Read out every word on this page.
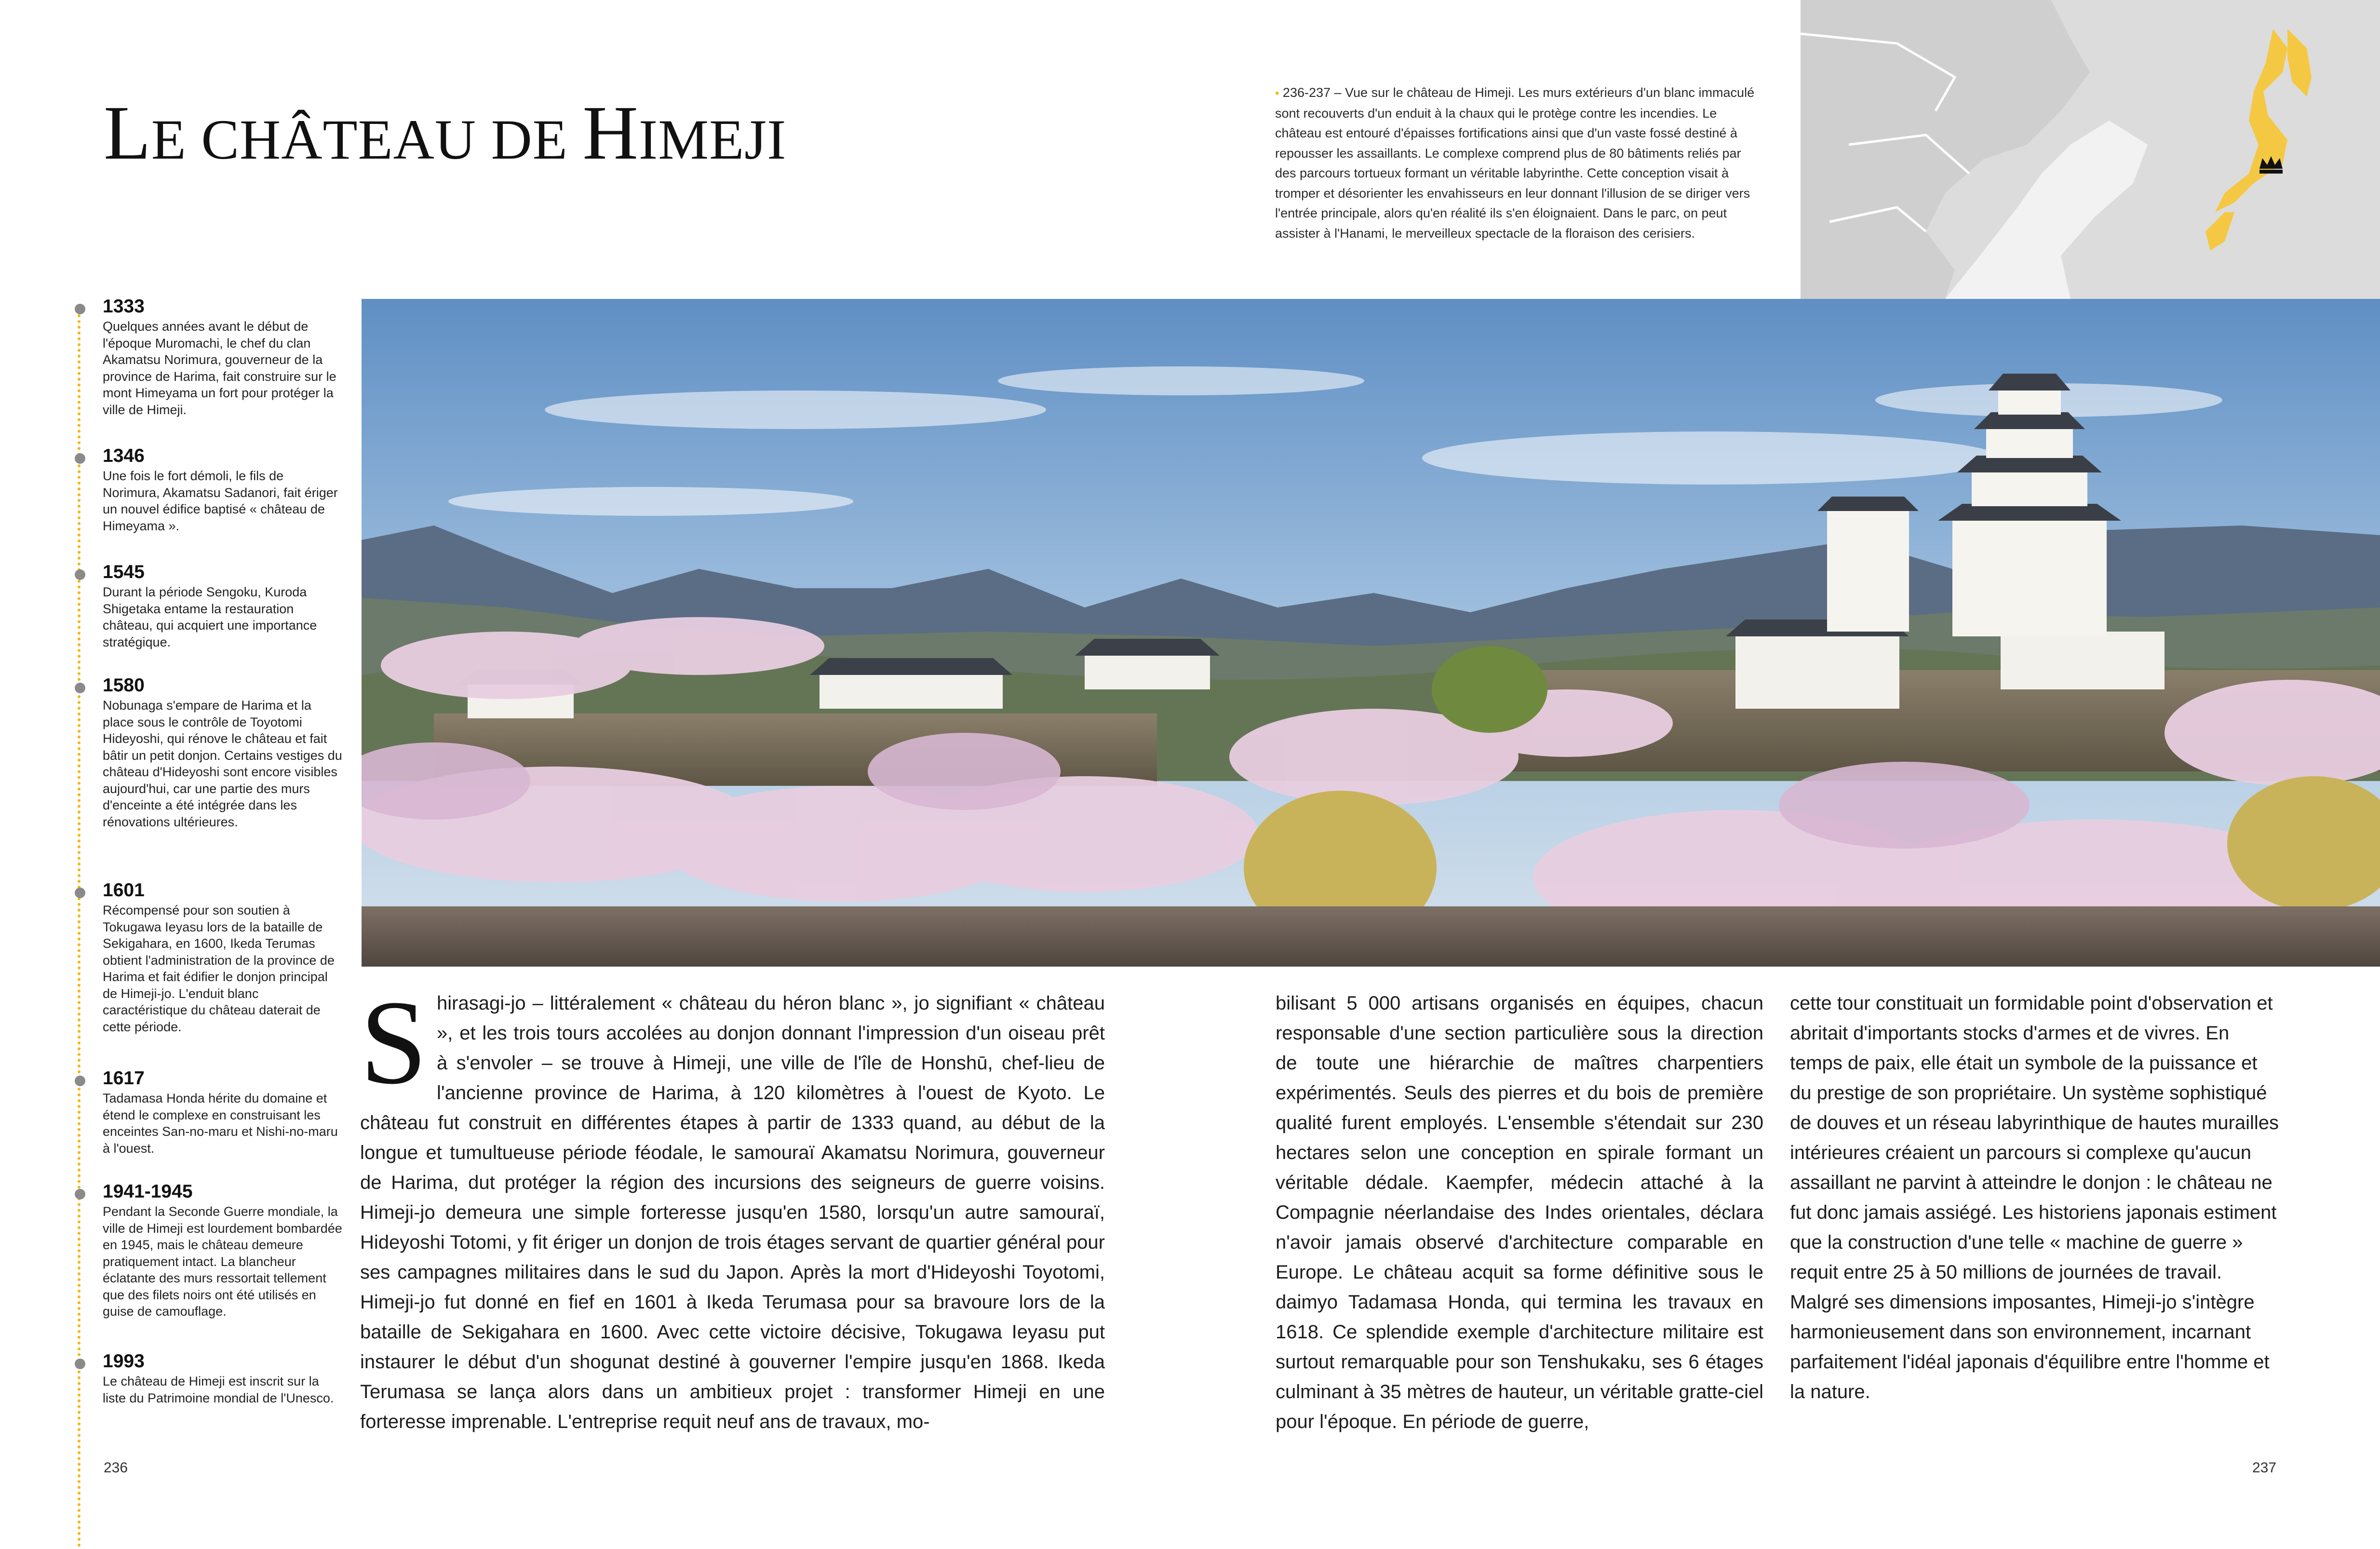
LE CHÂTEAU DE HIMEJI
1333
Quelques années avant le début de l'époque Muromachi, le chef du clan Akamatsu Norimura, gouverneur de la province de Harima, fait construire sur le mont Himeyama un fort pour protéger la ville de Himeji.
1346
Une fois le fort démoli, le fils de Norimura, Akamatsu Sadanori, fait ériger un nouvel édifice baptisé « château de Himeyama ».
1545
Durant la période Sengoku, Kuroda Shigetaka entame la restauration château, qui acquiert une importance stratégique.
1580
Nobunaga s'empare de Harima et la place sous le contrôle de Toyotomi Hideyoshi, qui rénove le château et fait bâtir un petit donjon. Certains vestiges du château d'Hideyoshi sont encore visibles aujourd'hui, car une partie des murs d'enceinte a été intégrée dans les rénovations ultérieures.
1601
Récompensé pour son soutien à Tokugawa Ieyasu lors de la bataille de Sekigahara, en 1600, Ikeda Terumas obtient l'administration de la province de Harima et fait édifier le donjon principal de Himeji-jo. L'enduit blanc caractéristique du château daterait de cette période.
1617
Tadamasa Honda hérite du domaine et étend le complexe en construisant les enceintes San-no-maru et Nishi-no-maru à l'ouest.
1941-1945
Pendant la Seconde Guerre mondiale, la ville de Himeji est lourdement bombardée en 1945, mais le château demeure pratiquement intact. La blancheur éclatante des murs ressortait tellement que des filets noirs ont été utilisés en guise de camouflage.
1993
Le château de Himeji est inscrit sur la liste du Patrimoine mondial de l'Unesco.
236
S hirasagi-jo – littéralement « château du héron blanc », jo signifiant « château », et les trois tours accolées au donjon donnant l'impression d'un oiseau prêt à s'envoler – se trouve à Himeji, une ville de l'île de Honshū, chef-lieu de l'ancienne province de Harima, à 120 kilomètres à l'ouest de Kyoto. Le château fut construit en différentes étapes à partir de 1333 quand, au début de la longue et tumultueuse période féodale, le samouraï Akamatsu Norimura, gouverneur de Harima, dut protéger la région des incursions des seigneurs de guerre voisins. Himeji-jo demeura une simple forteresse jusqu'en 1580, lorsqu'un autre samouraï, Hideyoshi Totomi, y fit ériger un donjon de trois étages servant de quartier général pour ses campagnes militaires dans le sud du Japon. Après la mort d'Hideyoshi Toyotomi, Himeji-jo fut donné en fief en 1601 à Ikeda Terumasa pour sa bravoure lors de la bataille de Sekigahara en 1600. Avec cette victoire décisive, Tokugawa Ieyasu put instaurer le début d'un shogunat destiné à gouverner l'empire jusqu'en 1868. Ikeda Terumasa se lança alors dans un ambitieux projet : transformer Himeji en une forteresse imprenable. L'entreprise requit neuf ans de travaux, mo-

• 236-237 – Vue sur le château de Himeji. Les murs extérieurs d'un blanc immaculé sont recouverts d'un enduit à la chaux qui le protège contre les incendies. Le château est entouré d'épaisses fortifications ainsi que d'un vaste fossé destiné à repousser les assaillants. Le complexe comprend plus de 80 bâtiments reliés par des parcours tortueux formant un véritable labyrinthe. Cette conception visait à tromper et désorienter les envahisseurs en leur donnant l'illusion de se diriger vers l'entrée principale, alors qu'en réalité ils s'en éloignaient. Dans le parc, on peut assister à l'Hanami, le merveilleux spectacle de la floraison des cerisiers.

bilisant 5 000 artisans organisés en équipes, chacun responsable d'une section particulière sous la direction de toute une hiérarchie de maîtres charpentiers expérimentés. Seuls des pierres et du bois de première qualité furent employés. L'ensemble s'étendait sur 230 hectares selon une conception en spirale formant un véritable dédale. Kaempfer, médecin attaché à la Compagnie néerlandaise des Indes orientales, déclara n'avoir jamais observé d'architecture comparable en Europe. Le château acquit sa forme définitive sous le daimyo Tadamasa Honda, qui termina les travaux en 1618. Ce splendide exemple d'architecture militaire est surtout remarquable pour son Tenshukaku, ses 6 étages culminant à 35 mètres de hauteur, un véritable gratte-ciel pour l'époque. En période de guerre,

cette tour constituait un formidable point d'observation et abritait d'importants stocks d'armes et de vivres. En temps de paix, elle était un symbole de la puissance et du prestige de son propriétaire. Un système sophistiqué de douves et un réseau labyrinthique de hautes murailles intérieures créaient un parcours si complexe qu'aucun assaillant ne parvint à atteindre le donjon : le château ne fut donc jamais assiégé. Les historiens japonais estiment que la construction d'une telle « machine de guerre » requit entre 25 à 50 millions de journées de travail.

Malgré ses dimensions imposantes, Himeji-jo s'intègre harmonieusement dans son environnement, incarnant parfaitement l'idéal japonais d'équilibre entre l'homme et la nature.

237
